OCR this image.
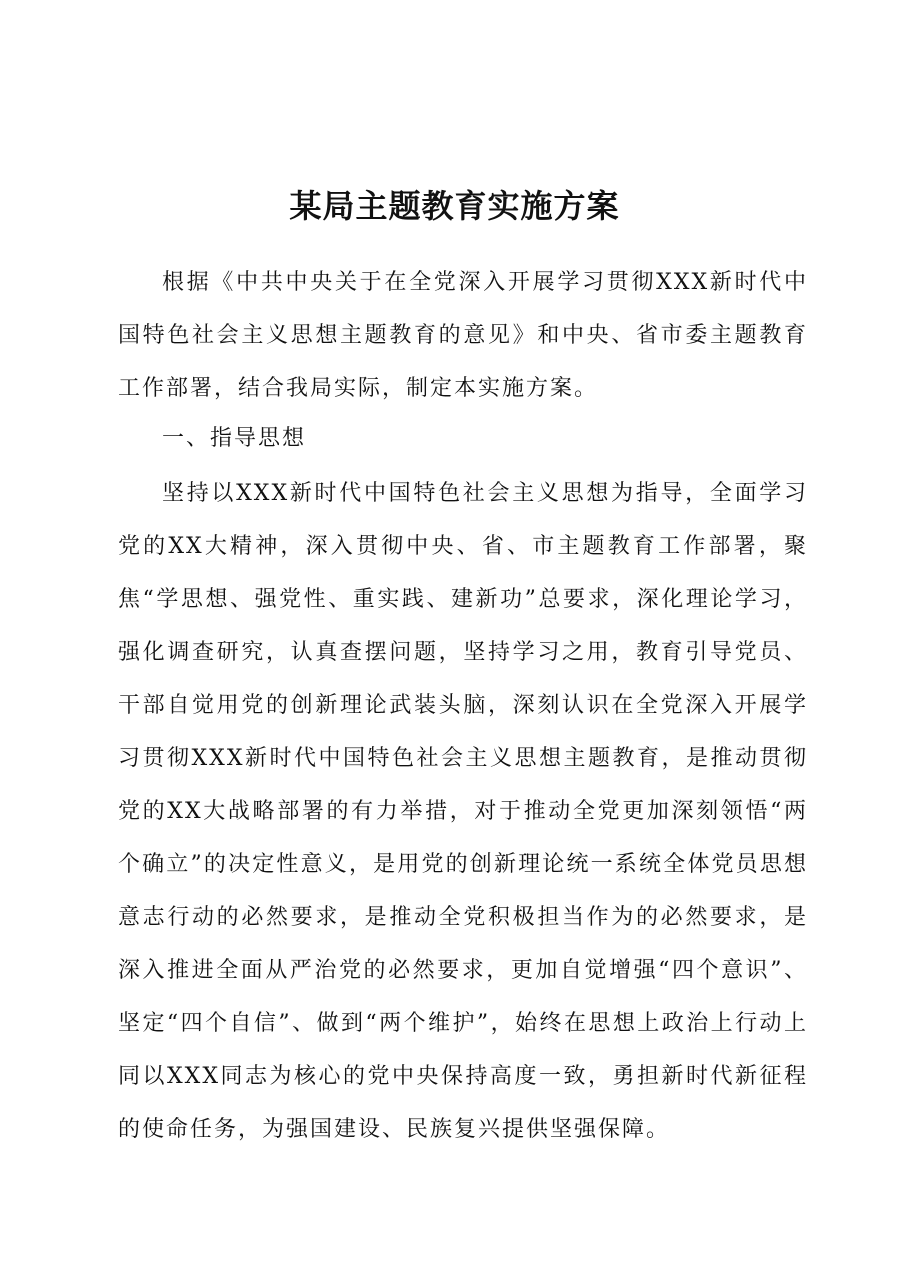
某局主题教育实施方案
根据《中共中央关于在全党深入开展学习贯彻XXX新时代中国特色社会主义思想主题教育的意见》和中央、省市委主题教育工作部署，结合我局实际，制定本实施方案。
一、指导思想
坚持以XXX新时代中国特色社会主义思想为指导，全面学习党的XX大精神，深入贯彻中央、省、市主题教育工作部署，聚焦“学思想、强党性、重实践、建新功”总要求，深化理论学习，强化调查研究，认真查摆问题，坚持学习之用，教育引导党员、干部自觉用党的创新理论武装头脑，深刻认识在全党深入开展学习贯彻XXX新时代中国特色社会主义思想主题教育，是推动贯彻党的XX大战略部署的有力举措，对于推动全党更加深刻领悟“两个确立”的决定性意义，是用党的创新理论统一系统全体党员思想意志行动的必然要求，是推动全党积极担当作为的必然要求，是深入推进全面从严治党的必然要求，更加自觉增强“四个意识”、坚定“四个自信”、做到“两个维护”，始终在思想上政治上行动上同以XXX同志为核心的党中央保持高度一致，勇担新时代新征程的使命任务，为强国建设、民族复兴提供坚强保障。
